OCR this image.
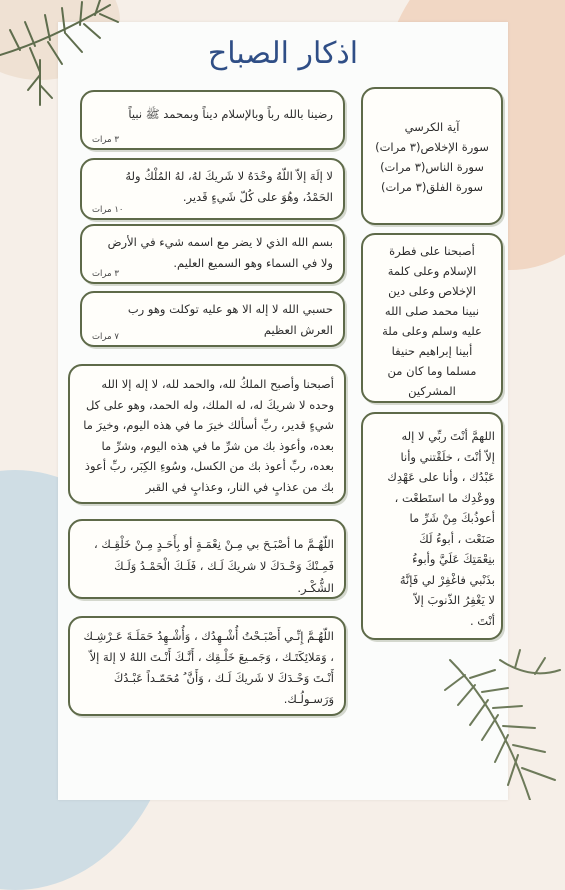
اذكار الصباح
آية الكرسي
سورة الإخلاص(٣ مرات)
سورة الناس(٣ مرات)
سورة الفلق(٣ مرات)
أصبحنا على فطرة
الإسلام وعلى كلمة
الإخلاص وعلى دين
نبينا محمد صلى الله
عليه وسلم وعلى ملة
أبينا إبراهيم حنيفا
مسلما وما كان من
المشركين
اللهمَّ أنْتَ ربِّي لا إله
إلاّ أنْتَ ، خلَقْتني وأنا
عَبْدُك ، وأنا على عَهْدِك
ووعْدِك ما استَطعْت ،
أعوذُبكَ مِنْ شَرِّ ما
صَنَعْت ، أبوءُ لَكَ
بنِعْمَتِكَ عَلَيَّ وأبوءُ
بذَنْبي فاغْفِرْ لي فَإنَّهُ
لا يَغْفِرُ الذّنوبَ إلاّ
أنْتَ .
رضينا بالله رباً وبالإسلام ديناً وبمحمد ﷺ نبياً
٣ مرات
لا إلَهَ إلاّ اللّهُ وحْدَهُ لا شَريكَ لهُ، لهُ المُلْكُ ولهُ الحَمْدُ، وهُوَ على كُلّ شَيءٍ قَدير.
١٠ مرات
بسم الله الذي لا يضر مع اسمه شيء في الأرض ولا في السماء وهو السميع العليم.
٣ مرات
حسبي الله لا إله الا هو عليه توكلت وهو رب العرش العظيم
٧ مرات
أصبحنا وأصبح الملكُ لله، والحمد لله، لا إله إلا الله وحده لا شريكَ له، له الملك، وله الحمد، وهو على كل شيءٍ قدير، ربِّ أسألك خيرَ ما في هذه اليوم، وخيرَ ما بعده، وأعوذ بك من شرِّ ما في هذه اليوم، وشرِّ ما بعده، ربِّ أعوذ بك من الكسل، وسُوءِ الكِبَر، ربِّ أعوذ بك من عذابٍ في النار، وعذابٍ في القبر
اللّهُـمَّ ما أصْبَـحَ بي مِـنْ نِعْمَـةٍ أو بِأَحَـدٍ مِـنْ خَلْقِـك ، فَمِـنْكَ وَحْـدَكَ لا شريكَ لَـك ، فَلَـكَ الْحَمْـدُ وَلَـكَ الشُّكْـر.
اللّهُـمَّ إِنِّـي أَصْبَـحْتُ أُشْـهِدُك ، وَأُشْـهِدُ حَمَلَـةَ عَـرْشِـك ، وَمَلائِكَتَـك ، وَجَمـيعَ خَلْـقِك ، أَنَّـكَ أَنْـتَ اللهُ لا إلهَ إلاّ أَنْـتَ وَحْـدَكَ لا شَريكَ لَـك ، وَأَنَّ ُ مُحَمّـداً عَبْـدُكَ وَرَسـولُـك.
